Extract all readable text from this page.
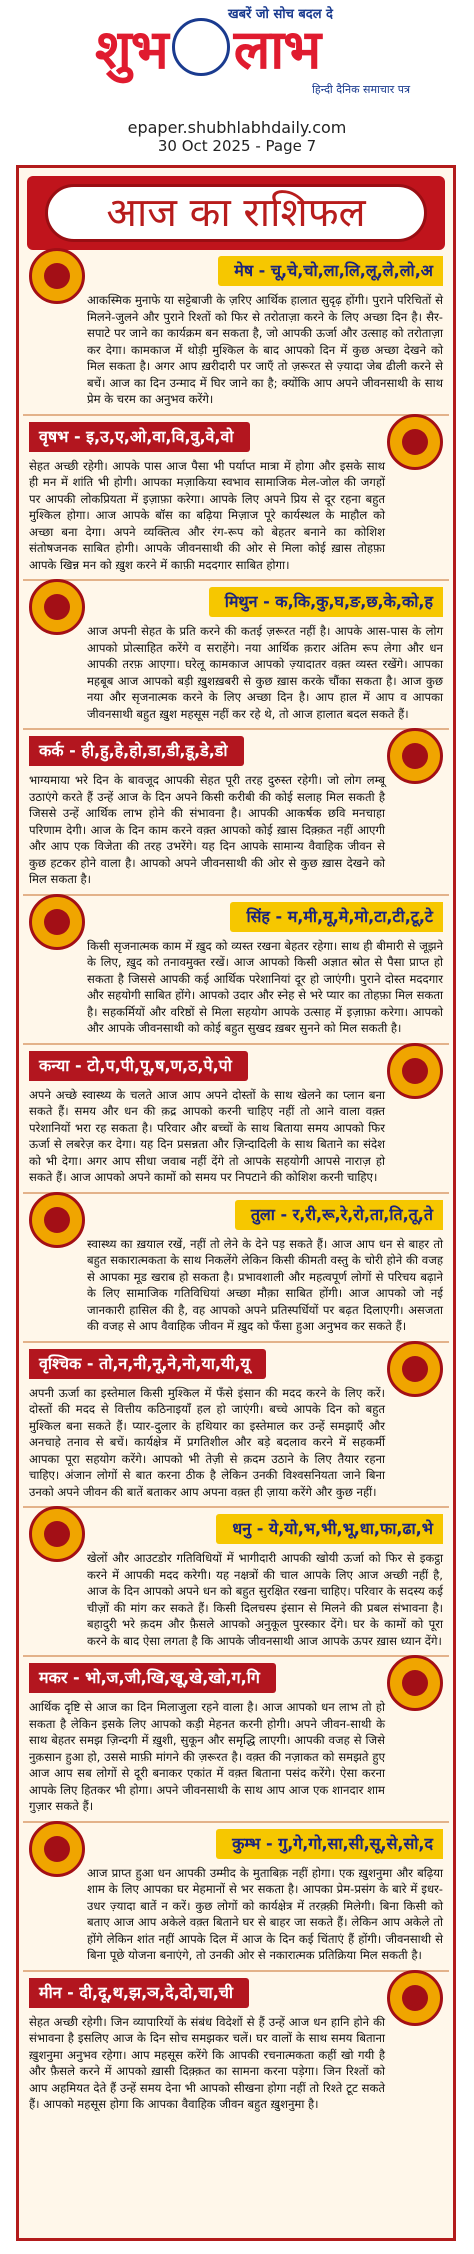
खबरें जो सोच बदल दे
शुभ लाभ
हिन्दी दैनिक समाचार पत्र
epaper.shubhlabhdaily.com
30 Oct 2025 - Page 7
आज का राशिफल
मेष - चू,चे,चो,ला,लि,लू,ले,लो,अ
आकस्मिक मुनाफे या सट्टेबाजी के ज़रिए आर्थिक हालात सुदृढ़ होंगी। पुराने परिचितों से मिलने-जुलने और पुराने रिश्तों को फिर से तरोताज़ा करने के लिए अच्छा दिन है। सैर-सपाटे पर जाने का कार्यक्रम बन सकता है, जो आपकी ऊर्जा और उत्साह को तरोताज़ा कर देगा। कामकाज में थोड़ी मुश्किल के बाद आपको दिन में कुछ अच्छा देखने को मिल सकता है। अगर आप ख़रीदारी पर जाएँ तो ज़रूरत से ज़्यादा जेब ढीली करने से बचें। आज का दिन उन्माद में घिर जाने का है; क्योंकि आप अपने जीवनसाथी के साथ प्रेम के चरम का अनुभव करेंगे।
वृषभ - इ,उ,ए,ओ,वा,वि,वु,वे,वो
सेहत अच्छी रहेगी। आपके पास आज पैसा भी पर्याप्त मात्रा में होगा और इसके साथ ही मन में शांति भी होगी। आपका मज़ाकिया स्वभाव सामाजिक मेल-जोल की जगहों पर आपकी लोकप्रियता में इज़ाफ़ा करेगा। आपके लिए अपने प्रिय से दूर रहना बहुत मुश्किल होगा। आज आपके बॉस का बढ़िया मिज़ाज पूरे कार्यस्थल के माहौल को अच्छा बना देगा। अपने व्यक्तित्व और रंग-रूप को बेहतर बनाने का कोशिश संतोषजनक साबित होगी। आपके जीवनसाथी की ओर से मिला कोई ख़ास तोहफ़ा आपके खिन्न मन को ख़ुश करने में काफ़ी मददगार साबित होगा।
मिथुन - क,कि,कु,घ,ङ,छ,के,को,ह
आज अपनी सेहत के प्रति करने की कतई ज़रूरत नहीं है। आपके आस-पास के लोग आपको प्रोत्साहित करेंगे व सराहेंगे। नया आर्थिक क़रार अंतिम रूप लेगा और धन आपकी तरफ़ आएगा। घरेलू कामकाज आपको ज़्यादातर वक़्त व्यस्त रखेंगे। आपका महबूब आज आपको बड़ी ख़ुशख़बरी से कुछ ख़ास करके चौंका सकता है। आज कुछ नया और सृजनात्मक करने के लिए अच्छा दिन है। आप हाल में आप व आपका जीवनसाथी बहुत ख़ुश महसूस नहीं कर रहे थे, तो आज हालात बदल सकते हैं।
कर्क - ही,हु,हे,हो,डा,डी,डू,डे,डो
भाग्यमाया भरे दिन के बावजूद आपकी सेहत पूरी तरह दुरुस्त रहेगी। जो लोग लम्बू उठाएंगे करते हैं उन्हें आज के दिन अपने किसी करीबी की कोई सलाह मिल सकती है जिससे उन्हें आर्थिक लाभ होने की संभावना है। आपकी आकर्षक छवि मनचाहा परिणाम देगी। आज के दिन काम करने वक़्त आपको कोई ख़ास दिक़्क़त नहीं आएगी और आप एक विजेता की तरह उभरेंगे। यह दिन आपके सामान्य वैवाहिक जीवन से कुछ हटकर होने वाला है। आपको अपने जीवनसाथी की ओर से कुछ ख़ास देखने को मिल सकता है।
सिंह - म,मी,मू,मे,मो,टा,टी,टू,टे
किसी सृजनात्मक काम में ख़ुद को व्यस्त रखना बेहतर रहेगा। साथ ही बीमारी से जूझने के लिए, ख़ुद को तनावमुक्त रखें। आज आपको किसी अज्ञात स्रोत से पैसा प्राप्त हो सकता है जिससे आपकी कई आर्थिक परेशानियां दूर हो जाएंगी। पुराने दोस्त मददगार और सहयोगी साबित होंगे। आपको उदार और स्नेह से भरे प्यार का तोहफ़ा मिल सकता है। सहकर्मियों और वरिष्ठों से मिला सहयोग आपके उत्साह में इज़ाफ़ा करेगा। आपको और आपके जीवनसाथी को कोई बहुत सुखद ख़बर सुनने को मिल सकती है।
कन्या - टो,प,पी,पू,ष,ण,ठ,पे,पो
अपने अच्छे स्वास्थ्य के चलते आज आप अपने दोस्तों के साथ खेलने का प्लान बना सकते हैं। समय और धन की क़द्र आपको करनी चाहिए नहीं तो आने वाला वक़्त परेशानियों भरा रह सकता है। परिवार और बच्चों के साथ बिताया समय आपको फिर ऊर्जा से लबरेज़ कर देगा। यह दिन प्रसन्नता और ज़िन्दादिली के साथ बिताने का संदेश को भी देगा। अगर आप सीधा जवाब नहीं देंगे तो आपके सहयोगी आपसे नाराज़ हो सकते हैं। आज आपको अपने कामों को समय पर निपटाने की कोशिश करनी चाहिए।
तुला - र,री,रू,रे,रो,ता,ति,तू,ते
स्वास्थ्य का ख़याल रखें, नहीं तो लेने के देने पड़ सकते हैं। आज आप धन से बाहर तो बहुत सकारात्मकता के साथ निकलेंगे लेकिन किसी कीमती वस्तु के चोरी होने की वजह से आपका मूड खराब हो सकता है। प्रभावशाली और महत्वपूर्ण लोगों से परिचय बढ़ाने के लिए सामाजिक गतिविधियां अच्छा मौक़ा साबित होंगी। आज आपको जो नई जानकारी हासिल की है, वह आपको अपने प्रतिस्पर्धियों पर बढ़त दिलाएगी। असजता की वजह से आप वैवाहिक जीवन में ख़ुद को फँसा हुआ अनुभव कर सकते हैं।
वृश्चिक - तो,न,नी,नू,ने,नो,या,यी,यू
अपनी ऊर्जा का इस्तेमाल किसी मुश्किल में फँसे इंसान की मदद करने के लिए करें। दोस्तों की मदद से वित्तीय कठिनाइयाँ हल हो जाएंगी। बच्चे आपके दिन को बहुत मुश्किल बना सकते हैं। प्यार-दुलार के हथियार का इस्तेमाल कर उन्हें समझाएँ और अनचाहे तनाव से बचें। कार्यक्षेत्र में प्रगतिशील और बड़े बदलाव करने में सहकर्मी आपका पूरा सहयोग करेंगे। आपको भी तेज़ी से क़दम उठाने के लिए तैयार रहना चाहिए। अंजान लोगों से बात करना ठीक है लेकिन उनकी विश्वसनियता जाने बिना उनको अपने जीवन की बातें बताकर आप अपना वक़्त ही ज़ाया करेंगे और कुछ नहीं।
धनु - ये,यो,भ,भी,भू,धा,फा,ढा,भे
खेलों और आउटडोर गतिविधियों में भागीदारी आपकी खोयी ऊर्जा को फिर से इकट्ठा करने में आपकी मदद करेगी। यह नक्षत्रों की चाल आपके लिए आज अच्छी नहीं है, आज के दिन आपको अपने धन को बहुत सुरक्षित रखना चाहिए। परिवार के सदस्य कई चीज़ों की मांग कर सकते हैं। किसी दिलचस्प इंसान से मिलने की प्रबल संभावना है। बहादुरी भरे क़दम और फ़ैसले आपको अनुकूल पुरस्कार देंगे। घर के कामों को पूरा करने के बाद ऐसा लगता है कि आपके जीवनसाथी आज आपके ऊपर ख़ास ध्यान देंगे।
मकर - भो,ज,जी,खि,खू,खे,खो,ग,गि
आर्थिक दृष्टि से आज का दिन मिलाजुला रहने वाला है। आज आपको धन लाभ तो हो सकता है लेकिन इसके लिए आपको कड़ी मेहनत करनी होगी। अपने जीवन-साथी के साथ बेहतर समझ ज़िन्दगी में ख़ुशी, सुकून और समृद्धि लाएगी। आपकी वजह से जिसे नुक़सान हुआ हो, उससे माफ़ी मांगने की ज़रूरत है। वक़्त की नज़ाकत को समझते हुए आज आप सब लोगों से दूरी बनाकर एकांत में वक़्त बिताना पसंद करेंगे। ऐसा करना आपके लिए हितकर भी होगा। अपने जीवनसाथी के साथ आप आज एक शानदार शाम गुज़ार सकते हैं।
कुम्भ - गु,गे,गो,सा,सी,सू,से,सो,द
आज प्राप्त हुआ धन आपकी उम्मीद के मुताबिक़ नहीं होगा। एक ख़ुशनुमा और बढ़िया शाम के लिए आपका घर मेहमानों से भर सकता है। आपका प्रेम-प्रसंग के बारे में इधर-उधर ज़्यादा बातें न करें। कुछ लोगों को कार्यक्षेत्र में तरक़्क़ी मिलेगी। बिना किसी को बताए आज आप अकेले वक़्त बिताने घर से बाहर जा सकते हैं। लेकिन आप अकेले तो होंगे लेकिन शांत नहीं आपके दिल में आज के दिन कई चिंताएं हैं होंगी। जीवनसाथी से बिना पूछे योजना बनाएंगे, तो उनकी ओर से नकारात्मक प्रतिक्रिया मिल सकती है।
मीन - दी,दू,थ,झ,ञ,दे,दो,चा,ची
सेहत अच्छी रहेगी। जिन व्यापारियों के संबंध विदेशों से हैं उन्हें आज धन हानि होने की संभावना है इसलिए आज के दिन सोच समझकर चलें। घर वालों के साथ समय बिताना ख़ुशनुमा अनुभव रहेगा। आप महसूस करेंगे कि आपकी रचनात्मकता कहीं खो गयी है और फ़ैसले करने में आपको ख़ासी दिक़्क़त का सामना करना पड़ेगा। जिन रिश्तों को आप अहमियत देते हैं उन्हें समय देना भी आपको सीखना होगा नहीं तो रिश्ते टूट सकते हैं। आपको महसूस होगा कि आपका वैवाहिक जीवन बहुत ख़ुशनुमा है।
